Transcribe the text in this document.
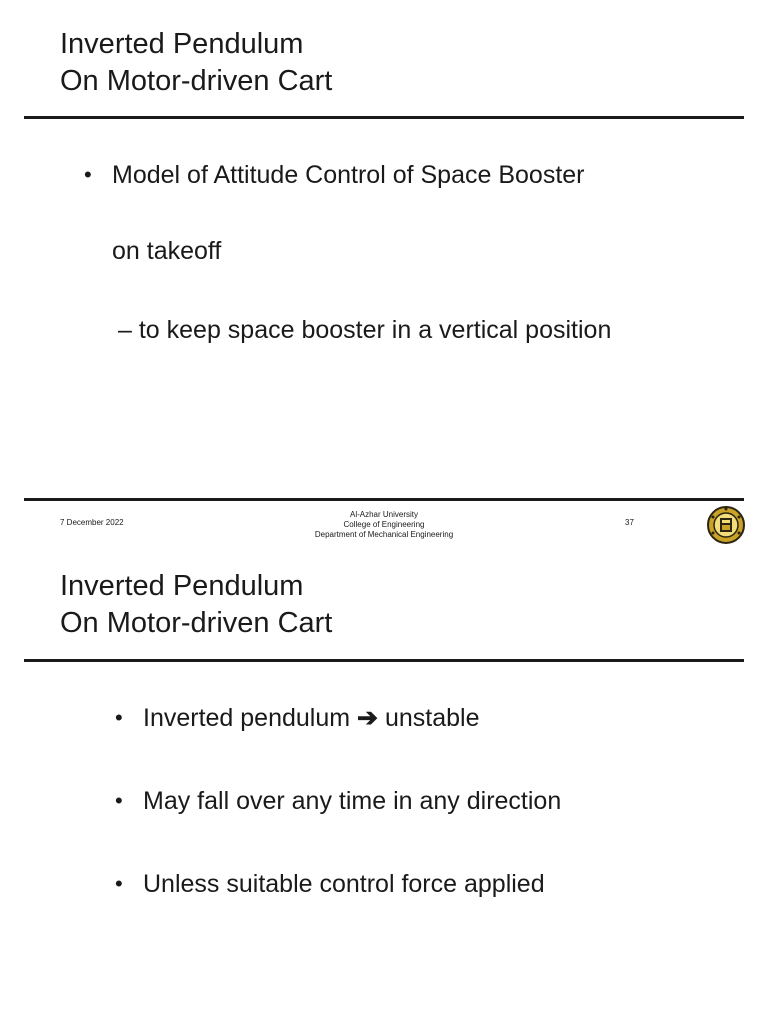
Inverted Pendulum
On Motor-driven Cart
• Model of Attitude Control of Space Booster
on takeoff
– to keep space booster in a vertical position
7 December 2022
Al-Azhar University
College of Engineering
Department of Mechanical Engineering
37
Inverted Pendulum
On Motor-driven Cart
• Inverted pendulum ➔ unstable
• May fall over any time in any direction
• Unless suitable control force applied
